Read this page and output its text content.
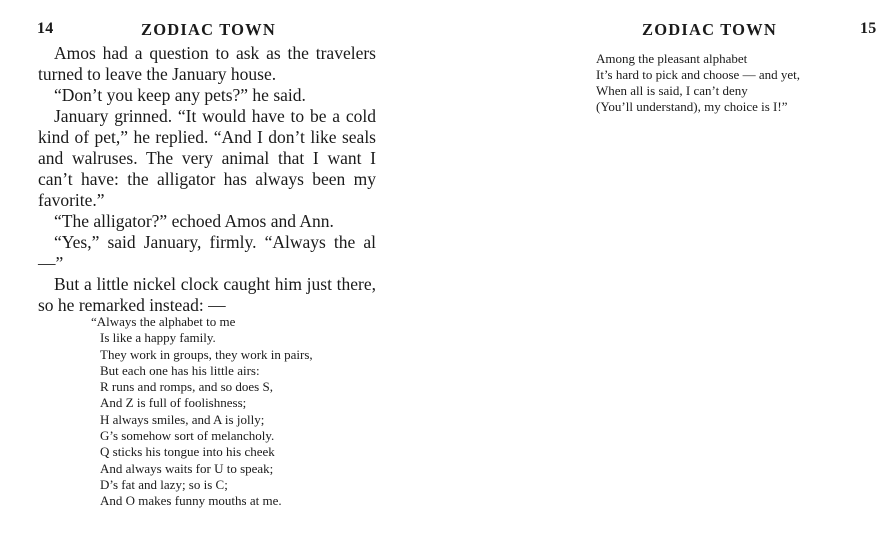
14	ZODIAC TOWN

Amos had a question to ask as the travelers turned to leave the January house.

“Don’t you keep any pets?” he said.

January grinned. “It would have to be a cold kind of pet,” he replied. “And I don’t like seals and walruses. The very animal that I want I can’t have: the alligator has always been my favorite.”

“The alligator?” echoed Amos and Ann.

“Yes,” said January, firmly. “Always the al —”

But a little nickel clock caught him just there, so he remarked instead: —

“Always the alphabet to me
Is like a happy family.
They work in groups, they work in pairs,
But each one has his little airs:
R runs and romps, and so does S,
And Z is full of foolishness;
H always smiles, and A is jolly;
G’s somehow sort of melancholy.
Q sticks his tongue into his cheek
And always waits for U to speak;
D’s fat and lazy; so is C;
And O makes funny mouths at me.
ZODIAC TOWN	15
Among the pleasant alphabet
It’s hard to pick and choose — and yet,
When all is said, I can’t deny
(You’ll understand), my choice is I!”
